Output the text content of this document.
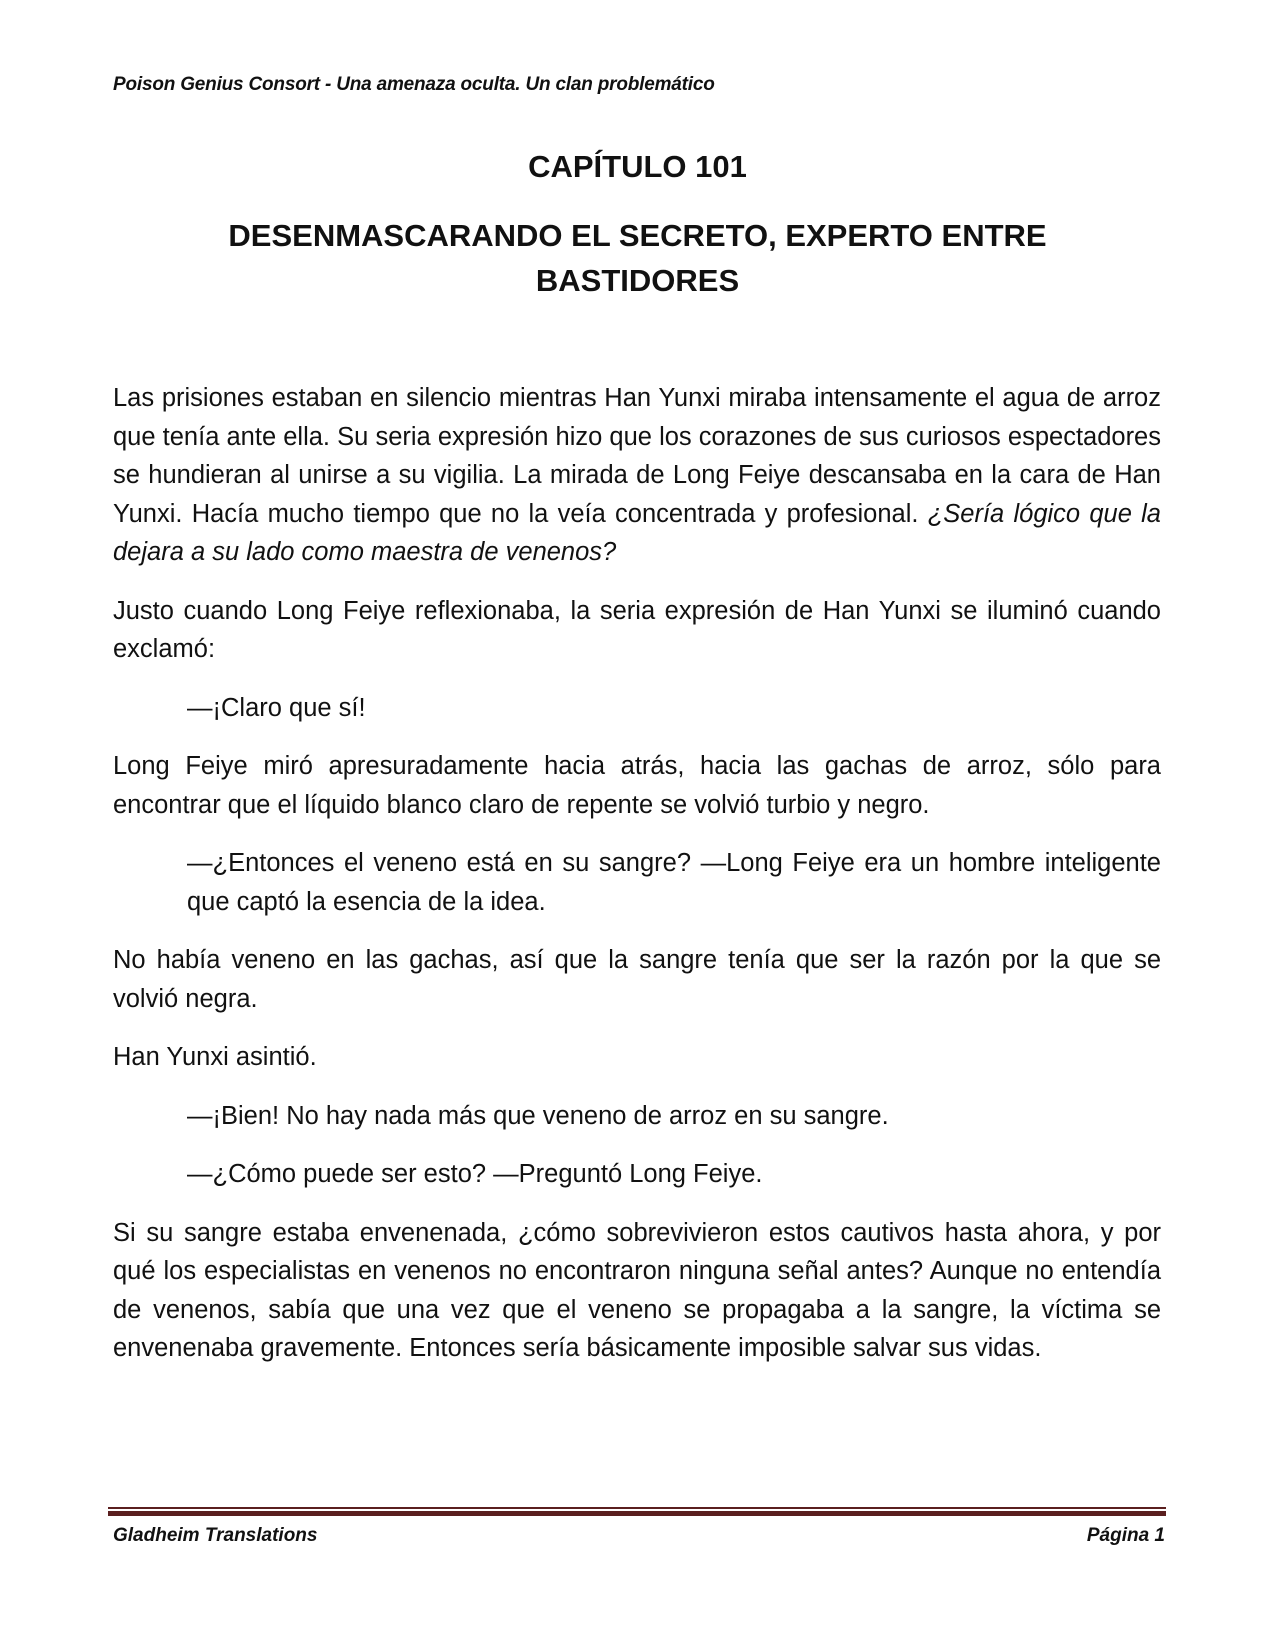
Poison Genius Consort - Una amenaza oculta. Un clan problemático
CAPÍTULO 101
DESENMASCARANDO EL SECRETO, EXPERTO ENTRE BASTIDORES

Las prisiones estaban en silencio mientras Han Yunxi miraba intensamente el agua de arroz que tenía ante ella. Su seria expresión hizo que los corazones de sus curiosos espectadores se hundieran al unirse a su vigilia. La mirada de Long Feiye descansaba en la cara de Han Yunxi. Hacía mucho tiempo que no la veía concentrada y profesional. ¿Sería lógico que la dejara a su lado como maestra de venenos?

Justo cuando Long Feiye reflexionaba, la seria expresión de Han Yunxi se iluminó cuando exclamó:

—¡Claro que sí!

Long Feiye miró apresuradamente hacia atrás, hacia las gachas de arroz, sólo para encontrar que el líquido blanco claro de repente se volvió turbio y negro.

—¿Entonces el veneno está en su sangre? —Long Feiye era un hombre inteligente que captó la esencia de la idea.

No había veneno en las gachas, así que la sangre tenía que ser la razón por la que se volvió negra.

Han Yunxi asintió.

—¡Bien! No hay nada más que veneno de arroz en su sangre.

—¿Cómo puede ser esto? —Preguntó Long Feiye.

Si su sangre estaba envenenada, ¿cómo sobrevivieron estos cautivos hasta ahora, y por qué los especialistas en venenos no encontraron ninguna señal antes? Aunque no entendía de venenos, sabía que una vez que el veneno se propagaba a la sangre, la víctima se envenenaba gravemente. Entonces sería básicamente imposible salvar sus vidas.

Gladheim Translations	Página 1
